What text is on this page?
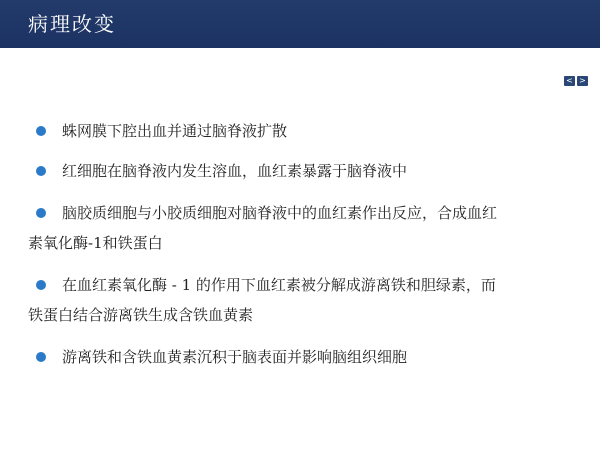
病理改变
< >
蛛网膜下腔出血并通过脑脊液扩散
红细胞在脑脊液内发生溶血，血红素暴露于脑脊液中
脑胶质细胞与小胶质细胞对脑脊液中的血红素作出反应，合成血红
素氧化酶-1和铁蛋白
在血红素氧化酶 - 1 的作用下血红素被分解成游离铁和胆绿素，而
铁蛋白结合游离铁生成含铁血黄素
游离铁和含铁血黄素沉积于脑表面并影响脑组织细胞
